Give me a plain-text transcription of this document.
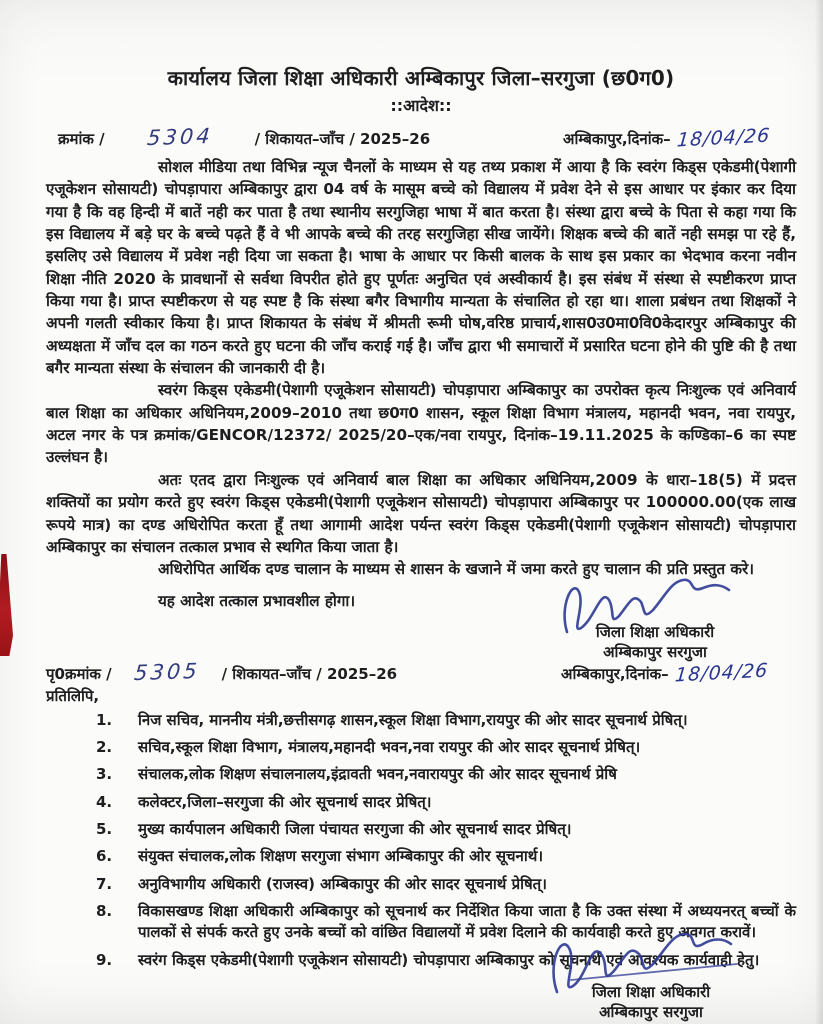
कार्यालय जिला शिक्षा अधिकारी अम्बिकापुर जिला–सरगुजा (छ0ग0)
::आदेश::
क्रमांक /	5304	/ शिकायत–जाँच / 2025–26	अम्बिकापुर,दिनांक– 18/04/26

सोशल मीडिया तथा विभिन्न न्यूज चैनलों के माध्यम से यह तथ्य प्रकाश में आया है कि स्वरंग किड्स एकेडमी(पेशागी एजूकेशन सोसायटी) चोपड़ापारा अम्बिकापुर द्वारा 04 वर्ष के मासूम बच्चे को विद्यालय में प्रवेश देने से इस आधार पर इंकार कर दिया गया है कि वह हिन्दी में बातें नही कर पाता है तथा स्थानीय सरगुजिहा भाषा में बात करता है। संस्था द्वारा बच्चे के पिता से कहा गया कि इस विद्यालय में बड़े घर के बच्चे पढ़ते हैं वे भी आपके बच्चे की तरह सरगुजिहा सीख जायेंगे। शिक्षक बच्चे की बातें नही समझ पा रहे हैं, इसलिए उसे विद्यालय में प्रवेश नही दिया जा सकता है। भाषा के आधार पर किसी बालक के साथ इस प्रकार का भेदभाव करना नवीन शिक्षा नीति 2020 के प्रावधानों से सर्वथा विपरीत होते हुए पूर्णतः अनुचित एवं अस्वीकार्य है। इस संबंध में संस्था से स्पष्टीकरण प्राप्त किया गया है। प्राप्त स्पष्टीकरण से यह स्पष्ट है कि संस्था बगैर विभागीय मान्यता के संचालित हो रहा था। शाला प्रबंधन तथा शिक्षकों ने अपनी गलती स्वीकार किया है। प्राप्त शिकायत के संबंध में श्रीमती रूमी घोष,वरिष्ठ प्राचार्य,शास0उ0मा0वि0केदारपुर अम्बिकापुर की अध्यक्षता में जाँच दल का गठन करते हुए घटना की जाँच कराई गई है। जाँच द्वारा भी समाचारों में प्रसारित घटना होने की पुष्टि की है तथा बगैर मान्यता संस्था के संचालन की जानकारी दी है।

स्वरंग किड्स एकेडमी(पेशागी एजूकेशन सोसायटी) चोपड़ापारा अम्बिकापुर का उपरोक्त कृत्य निःशुल्क एवं अनिवार्य बाल शिक्षा का अधिकार अधिनियम,2009–2010 तथा छ0ग0 शासन, स्कूल शिक्षा विभाग मंत्रालय, महानदी भवन, नवा रायपुर, अटल नगर के पत्र क्रमांक/GENCOR/12372/ 2025/20–एक/नवा रायपुर, दिनांक–19.11.2025 के कण्डिका–6 का स्पष्ट उल्लंघन है।

अतः एतद द्वारा निःशुल्क एवं अनिवार्य बाल शिक्षा का अधिकार अधिनियम,2009 के धारा–18(5) में प्रदत्त शक्तियों का प्रयोग करते हुए स्वरंग किड्स एकेडमी(पेशागी एजूकेशन सोसायटी) चोपड़ापारा अम्बिकापुर पर 100000.00(एक लाख रूपये मात्र) का दण्ड अधिरोपित करता हूँ तथा आगामी आदेश पर्यन्त स्वरंग किड्स एकेडमी(पेशागी एजूकेशन सोसायटी) चोपड़ापारा अम्बिकापुर का संचालन तत्काल प्रभाव से स्थगित किया जाता है।

अधिरोपित आर्थिक दण्ड चालान के माध्यम से शासन के खजाने में जमा करते हुए चालान की प्रति प्रस्तुत करे।

यह आदेश तत्काल प्रभावशील होगा।

पृ0क्रमांक /	5305	/ शिकायत–जाँच / 2025–26	अम्बिकापुर,दिनांक– 18/04/26
प्रतिलिपि,
1.	निज सचिव, माननीय मंत्री,छत्तीसगढ़ शासन,स्कूल शिक्षा विभाग,रायपुर की ओर सादर सूचनार्थ प्रेषित्।
2.	सचिव,स्कूल शिक्षा विभाग, मंत्रालय,महानदी भवन,नवा रायपुर की ओर सादर सूचनार्थ प्रेषित्।
3.	संचालक,लोक शिक्षण संचालनालय,इंद्रावती भवन,नवारायपुर की ओर सादर सूचनार्थ प्रेषि
4.	कलेक्टर,जिला–सरगुजा की ओर सूचनार्थ सादर प्रेषित्।
5.	मुख्य कार्यपालन अधिकारी जिला पंचायत सरगुजा की ओर सूचनार्थ सादर प्रेषित्।
6.	संयुक्त संचालक,लोक शिक्षण सरगुजा संभाग अम्बिकापुर की ओर सूचनार्थ।
7.	अनुविभागीय अधिकारी (राजस्व) अम्बिकापुर की ओर सादर सूचनार्थ प्रेषित्।
8.	विकासखण्ड शिक्षा अधिकारी अम्बिकापुर को सूचनार्थ कर निर्देशित किया जाता है कि उक्त संस्था में अध्ययनरत् बच्चों के पालकों से संपर्क करते हुए उनके बच्चों को वांछित विद्यालयों में प्रवेश दिलाने की कार्यवाही करते हुए अवगत करावें।
9.	स्वरंग किड्स एकेडमी(पेशागी एजूकेशन सोसायटी) चोपड़ापारा अम्बिकापुर को सूचनार्थ एवं आवश्यक कार्यवाही हेतु।
जिला शिक्षा अधिकारी
अम्बिकापुर सरगुजा
जिला शिक्षा अधिकारी
अम्बिकापुर सरगुजा
